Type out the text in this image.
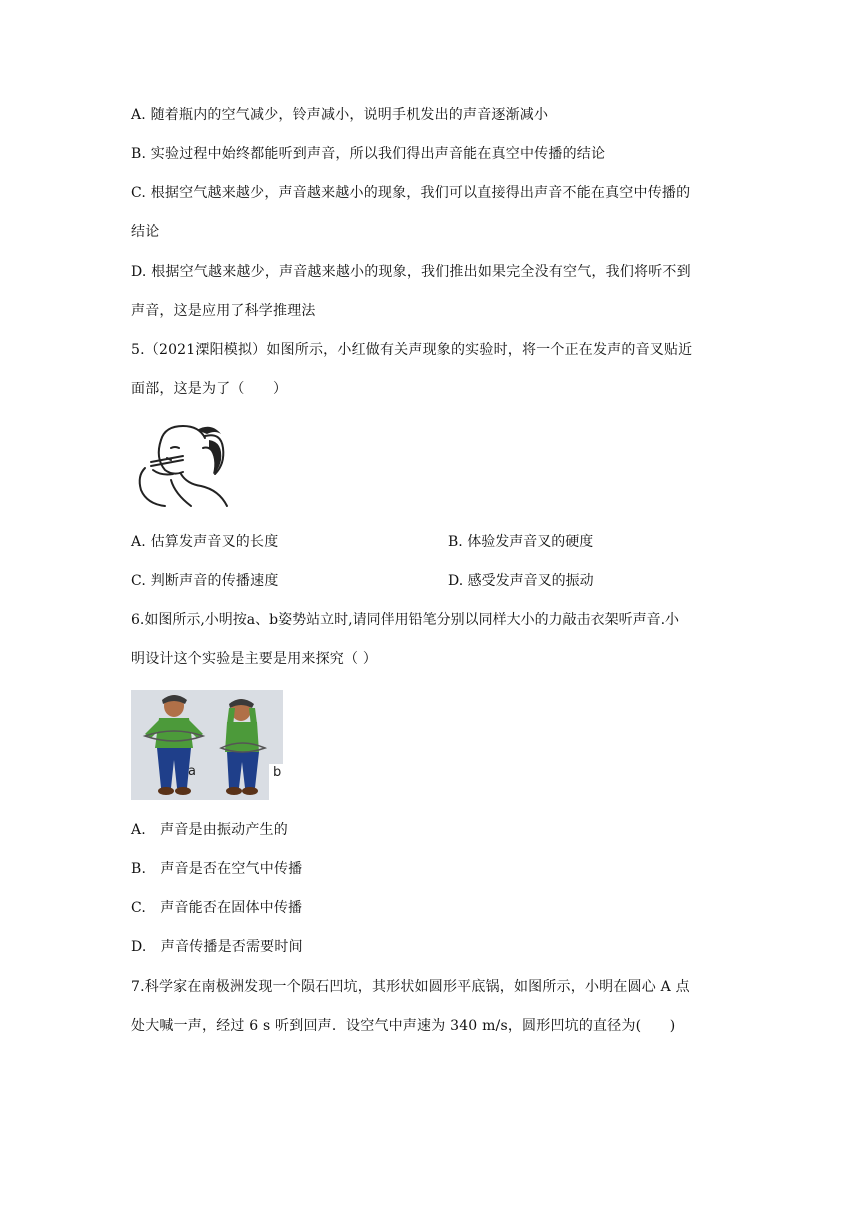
A. 随着瓶内的空气减少，铃声减小，说明手机发出的声音逐渐减小
B. 实验过程中始终都能听到声音，所以我们得出声音能在真空中传播的结论
C. 根据空气越来越少，声音越来越小的现象，我们可以直接得出声音不能在真空中传播的
结论
D. 根据空气越来越少，声音越来越小的现象，我们推出如果完全没有空气，我们将听不到
声音，这是应用了科学推理法
5.（2021溧阳模拟）如图所示，小红做有关声现象的实验时，将一个正在发声的音叉贴近
面部，这是为了（　　）
A. 估算发声音叉的长度	B. 体验发声音叉的硬度
C. 判断声音的传播速度	D. 感受发声音叉的振动
6.如图所示,小明按a、b姿势站立时,请同伴用铅笔分别以同样大小的力敲击衣架听声音.小
明设计这个实验是主要是用来探究（ ）
a	b
A.　声音是由振动产生的
B.　声音是否在空气中传播
C.　声音能否在固体中传播
D.　声音传播是否需要时间
7.科学家在南极洲发现一个陨石凹坑，其形状如圆形平底锅，如图所示，小明在圆心 A 点
处大喊一声，经过 6 s 听到回声．设空气中声速为 340 m/s，圆形凹坑的直径为(　　)
